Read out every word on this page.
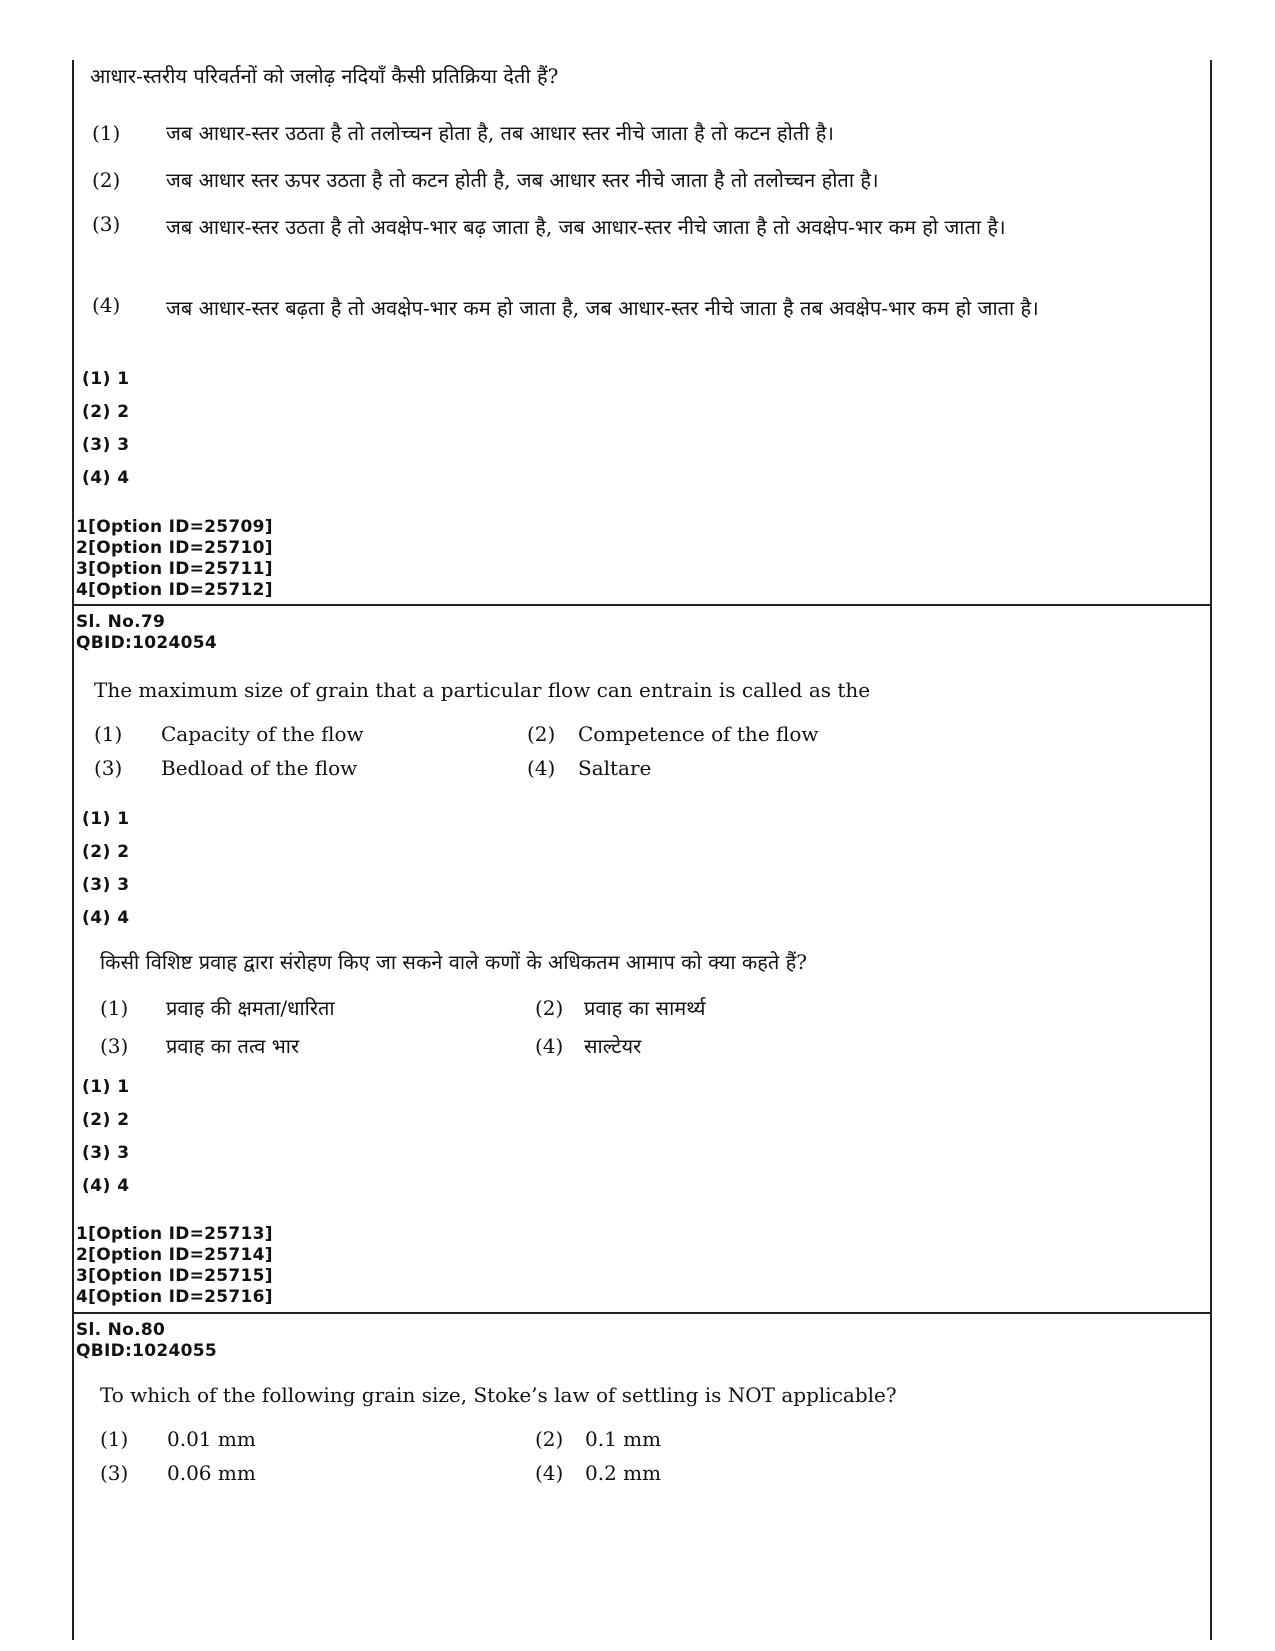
आधार-स्तरीय परिवर्तनों को जलोढ़ नदियाँ कैसी प्रतिक्रिया देती हैं?
(1) जब आधार-स्तर उठता है तो तलोच्चन होता है, तब आधार स्तर नीचे जाता है तो कटन होती है।
(2) जब आधार स्तर ऊपर उठता है तो कटन होती है, जब आधार स्तर नीचे जाता है तो तलोच्चन होता है।
(3) जब आधार-स्तर उठता है तो अवक्षेप-भार बढ़ जाता है, जब आधार-स्तर नीचे जाता है तो अवक्षेप-भार कम हो जाता है।
(4) जब आधार-स्तर बढ़ता है तो अवक्षेप-भार कम हो जाता है, जब आधार-स्तर नीचे जाता है तब अवक्षेप-भार कम हो जाता है।
(1) 1
(2) 2
(3) 3
(4) 4
1[Option ID=25709]
2[Option ID=25710]
3[Option ID=25711]
4[Option ID=25712]
Sl. No.79
QBID:1024054
The maximum size of grain that a particular flow can entrain is called as the
(1) Capacity of the flow	(2) Competence of the flow
(3) Bedload of the flow	(4) Saltare
(1) 1
(2) 2
(3) 3
(4) 4
किसी विशिष्ट प्रवाह द्वारा संरोहण किए जा सकने वाले कणों के अधिकतम आमाप को क्या कहते हैं?
(1) प्रवाह की क्षमता/धारिता	(2) प्रवाह का सामर्थ्य
(3) प्रवाह का तत्व भार	(4) साल्टेयर
(1) 1
(2) 2
(3) 3
(4) 4
1[Option ID=25713]
2[Option ID=25714]
3[Option ID=25715]
4[Option ID=25716]
Sl. No.80
QBID:1024055
To which of the following grain size, Stoke’s law of settling is NOT applicable?
(1) 0.01 mm	(2) 0.1 mm
(3) 0.06 mm	(4) 0.2 mm
